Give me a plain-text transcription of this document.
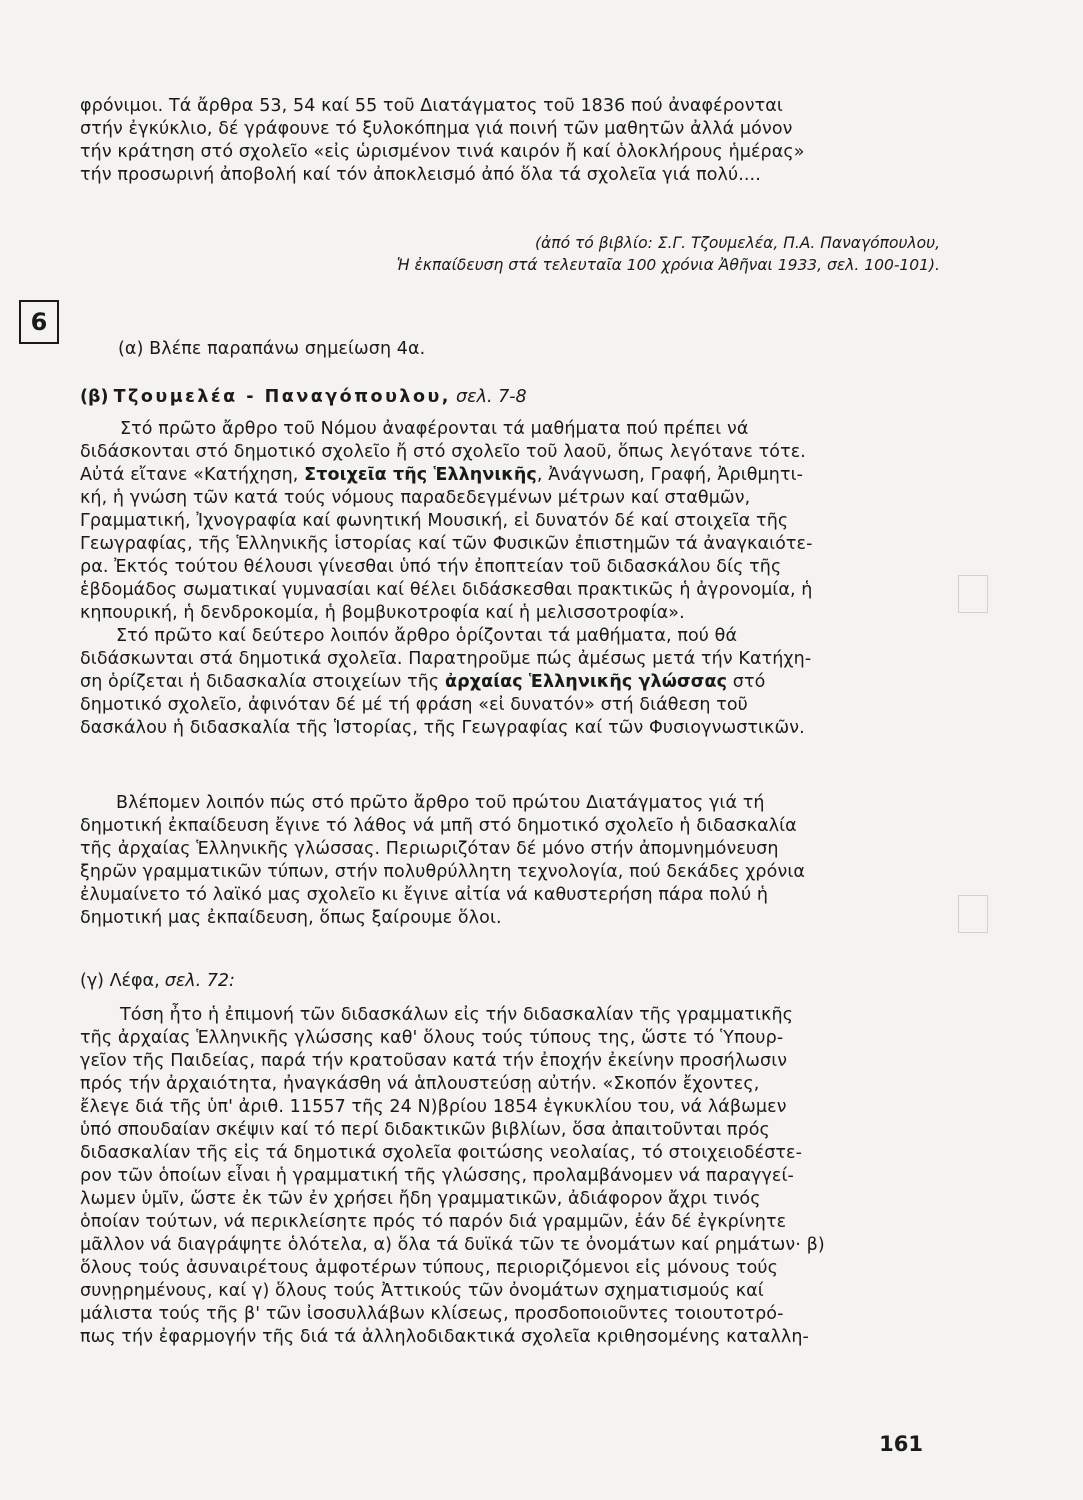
6

φρόνιμοι. Τά ἄρθρα 53, 54 καί 55 τοῦ Διατάγματος τοῦ 1836 πού ἀναφέρονται

στήν ἐγκύκλιο, δέ γράφουνε τό ξυλοκόπημα γιά ποινή τῶν μαθητῶν ἀλλά μόνον

τήν κράτηση στό σχολεῖο «εἰς ὡρισμένον τινά καιρόν ἤ καί ὁλοκλήρους ἡμέρας»

τήν προσωρινή ἀποβολή καί τόν ἀποκλεισμό ἀπό ὅλα τά σχολεῖα γιά πολύ....

(ἀπό τό βιβλίο: Σ.Γ. Τζουμελέα, Π.Α. Παναγόπουλου,
Ἡ ἐκπαίδευση στά τελευταῖα 100 χρόνια Ἀθῆναι 1933, σελ. 100-101).

(α) Βλέπε παραπάνω σημείωση 4α.

(β) Τζουμελέα - Παναγόπουλου, σελ. 7-8

Στό πρῶτο ἄρθρο τοῦ Νόμου ἀναφέρονται τά μαθήματα πού πρέπει νά

διδάσκονται στό δημοτικό σχολεῖο ἤ στό σχολεῖο τοῦ λαοῦ, ὅπως λεγότανε τότε.

Αὐτά εἴτανε «Κατήχηση, Στοιχεῖα τῆς Ἑλληνικῆς, Ἀνάγνωση, Γραφή, Ἀριθμητι-

κή, ἡ γνώση τῶν κατά τούς νόμους παραδεδεγμένων μέτρων καί σταθμῶν,

Γραμματική, Ἰχνογραφία καί φωνητική Μουσική, εἰ δυνατόν δέ καί στοιχεῖα τῆς

Γεωγραφίας, τῆς Ἑλληνικῆς ἱστορίας καί τῶν Φυσικῶν ἐπιστημῶν τά ἀναγκαιότε-

ρα. Ἐκτός τούτου θέλουσι γίνεσθαι ὑπό τήν ἐποπτείαν τοῦ διδασκάλου δίς τῆς

ἑβδομάδος σωματικαί γυμνασίαι καί θέλει διδάσκεσθαι πρακτικῶς ἡ ἀγρονομία, ἡ

κηπουρική, ἡ δενδροκομία, ἡ βομβυκοτροφία καί ἡ μελισσοτροφία».

Στό πρῶτο καί δεύτερο λοιπόν ἄρθρο ὁρίζονται τά μαθήματα, πού θά

διδάσκωνται στά δημοτικά σχολεῖα. Παρατηροῦμε πώς ἀμέσως μετά τήν Κατήχη-

ση ὁρίζεται ἡ διδασκαλία στοιχείων τῆς ἀρχαίας Ἑλληνικῆς γλώσσας στό

δημοτικό σχολεῖο, ἀφινόταν δέ μέ τή φράση «εἰ δυνατόν» στή διάθεση τοῦ

δασκάλου ἡ διδασκαλία τῆς Ἱστορίας, τῆς Γεωγραφίας καί τῶν Φυσιογνωστικῶν.

Βλέπομεν λοιπόν πώς στό πρῶτο ἄρθρο τοῦ πρώτου Διατάγματος γιά τή

δημοτική ἐκπαίδευση ἔγινε τό λάθος νά μπῆ στό δημοτικό σχολεῖο ἡ διδασκαλία

τῆς ἀρχαίας Ἑλληνικῆς γλώσσας. Περιωριζόταν δέ μόνο στήν ἀπομνημόνευση

ξηρῶν γραμματικῶν τύπων, στήν πολυθρύλλητη τεχνολογία, πού δεκάδες χρόνια

ἐλυμαίνετο τό λαϊκό μας σχολεῖο κι ἔγινε αἰτία νά καθυστερήση πάρα πολύ ἡ

δημοτική μας ἐκπαίδευση, ὅπως ξαίρουμε ὅλοι.

(γ) Λέφα, σελ. 72:

Τόση ἦτο ἡ ἐπιμονή τῶν διδασκάλων εἰς τήν διδασκαλίαν τῆς γραμματικῆς

τῆς ἀρχαίας Ἑλληνικῆς γλώσσης καθ' ὅλους τούς τύπους της, ὥστε τό Ὑπουρ-

γεῖον τῆς Παιδείας, παρά τήν κρατοῦσαν κατά τήν ἐποχήν ἐκείνην προσήλωσιν

πρός τήν ἀρχαιότητα, ἠναγκάσθη νά ἁπλουστεύσῃ αὐτήν. «Σκοπόν ἔχοντες,

ἔλεγε διά τῆς ὑπ' ἀριθ. 11557 τῆς 24 Ν)βρίου 1854 ἐγκυκλίου του, νά λάβωμεν

ὑπό σπουδαίαν σκέψιν καί τό περί διδακτικῶν βιβλίων, ὅσα ἀπαιτοῦνται πρός

διδασκαλίαν τῆς εἰς τά δημοτικά σχολεῖα φοιτώσης νεολαίας, τό στοιχειοδέστε-

ρον τῶν ὁποίων εἶναι ἡ γραμματική τῆς γλώσσης, προλαμβάνομεν νά παραγγεί-

λωμεν ὑμῖν, ὥστε ἐκ τῶν ἐν χρήσει ἤδη γραμματικῶν, ἀδιάφορον ἄχρι τινός

ὁποίαν τούτων, νά περικλείσητε πρός τό παρόν διά γραμμῶν, ἐάν δέ ἐγκρίνητε

μᾶλλον νά διαγράψητε ὁλότελα, α) ὅλα τά δυϊκά τῶν τε ὀνομάτων καί ρημάτων· β)

ὅλους τούς ἀσυναιρέτους ἀμφοτέρων τύπους, περιοριζόμενοι εἰς μόνους τούς

συνῃρημένους, καί γ) ὅλους τούς Ἀττικούς τῶν ὀνομάτων σχηματισμούς καί

μάλιστα τούς τῆς β' τῶν ἰσοσυλλάβων κλίσεως, προσδοποιοῦντες τοιουτοτρό-

πως τήν ἐφαρμογήν τῆς διά τά ἀλληλοδιδακτικά σχολεῖα κριθησομένης καταλλη-

161
